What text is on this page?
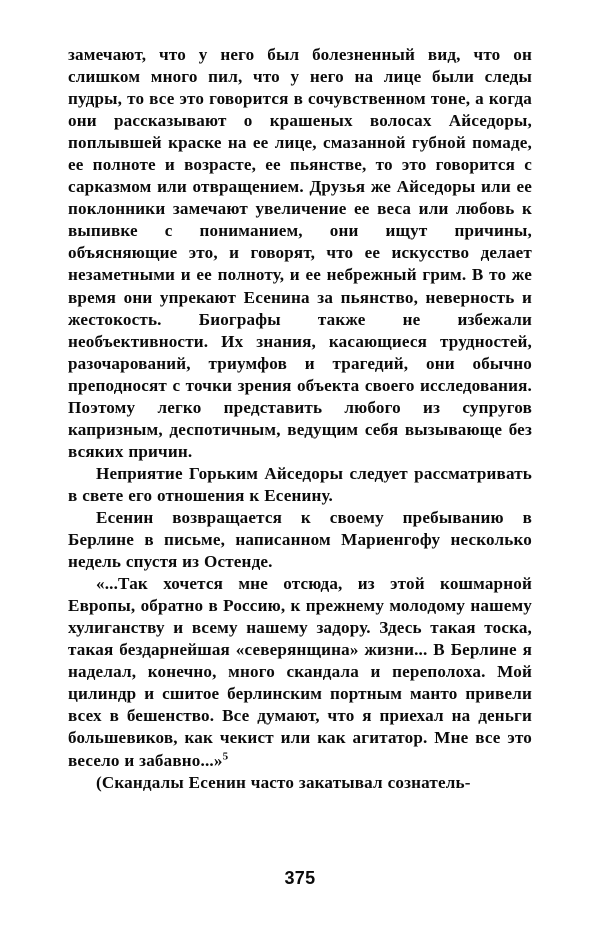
замечают, что у него был болезненный вид, что он слишком много пил, что у него на лице были следы пудры, то все это говорится в сочувственном тоне, а когда они рассказывают о крашеных волосах Айседоры, поплывшей краске на ее лице, смазанной губной помаде, ее полноте и возрасте, ее пьянстве, то это говорится с сарказмом или отвращением. Друзья же Айседоры или ее поклонники замечают увеличение ее веса или любовь к выпивке с пониманием, они ищут причины, объясняющие это, и говорят, что ее искусство делает незаметными и ее полноту, и ее небрежный грим. В то же время они упрекают Есенина за пьянство, неверность и жестокость. Биографы также не избежали необъективности. Их знания, касающиеся трудностей, разочарований, триумфов и трагедий, они обычно преподносят с точки зрения объекта своего исследования. Поэтому легко представить любого из супругов капризным, деспотичным, ведущим себя вызывающе без всяких причин.

Неприятие Горьким Айседоры следует рассматривать в свете его отношения к Есенину.

Есенин возвращается к своему пребыванию в Берлине в письме, написанном Мариенгофу несколько недель спустя из Остенде.

«...Так хочется мне отсюда, из этой кошмарной Европы, обратно в Россию, к прежнему молодому нашему хулиганству и всему нашему задору. Здесь такая тоска, такая бездарнейшая «северянщина» жизни... В Берлине я наделал, конечно, много скандала и переполоха. Мой цилиндр и сшитое берлинским портным манто привели всех в бешенство. Все думают, что я приехал на деньги большевиков, как чекист или как агитатор. Мне все это весело и забавно...»$^5$

(Скандалы Есенин часто закатывал сознатель-

375
